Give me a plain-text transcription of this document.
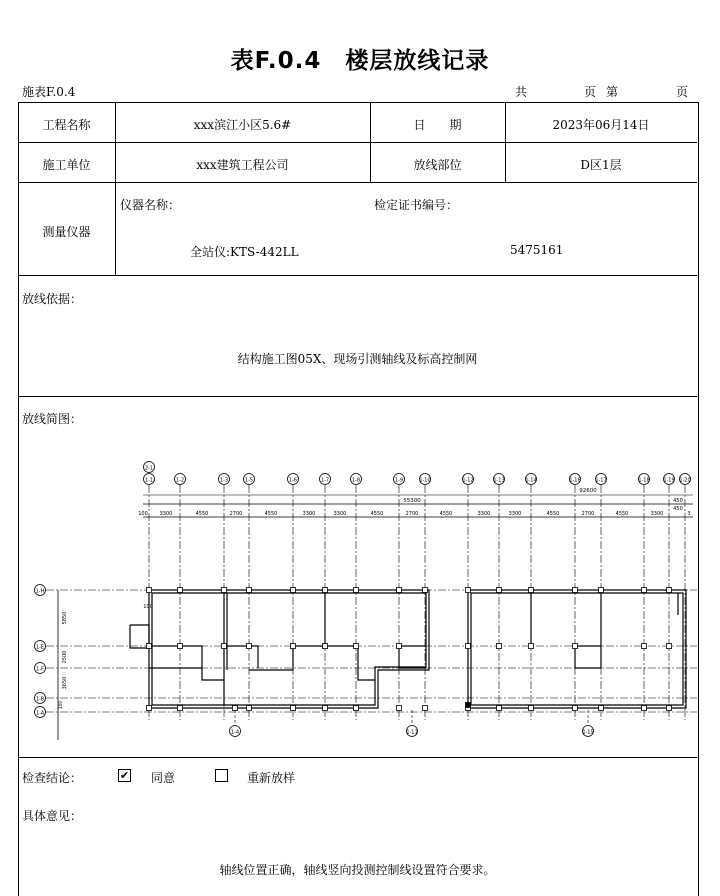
表F.0.4　楼层放线记录
施表F.0.4	共	页 第	页
工程名称	xxx滨江小区5.6#	日　　期	2023年06月14日
施工单位	xxx建筑工程公司	放线部位	D区1层
测量仪器
仪器名称：
全站仪:KTS-442LL
检定证书编号：
5475161
放线依据：
结构施工图05X、现场引测轴线及标高控制网
放线简图：
1-1	1-2	1-3	1-5	1-6	1-7	1-8	1-9	1-10	1-12	1-13	1-14	1-16	1-17	1-18	1-19 1-20
2-1
55300
92600
100 3300	4550	2700	4550	3300	3300	4550	2700	4550	3300	3300	4550	2700	4550	3300	3
450
450
1-H
1-E
1-F
1-B
1-A
5850
2500
3650
100
100
1-4	1-11	1-15
检查结论：	✔ 同意	重新放样
具体意见：
轴线位置正确，轴线竖向投测控制线设置符合要求。
